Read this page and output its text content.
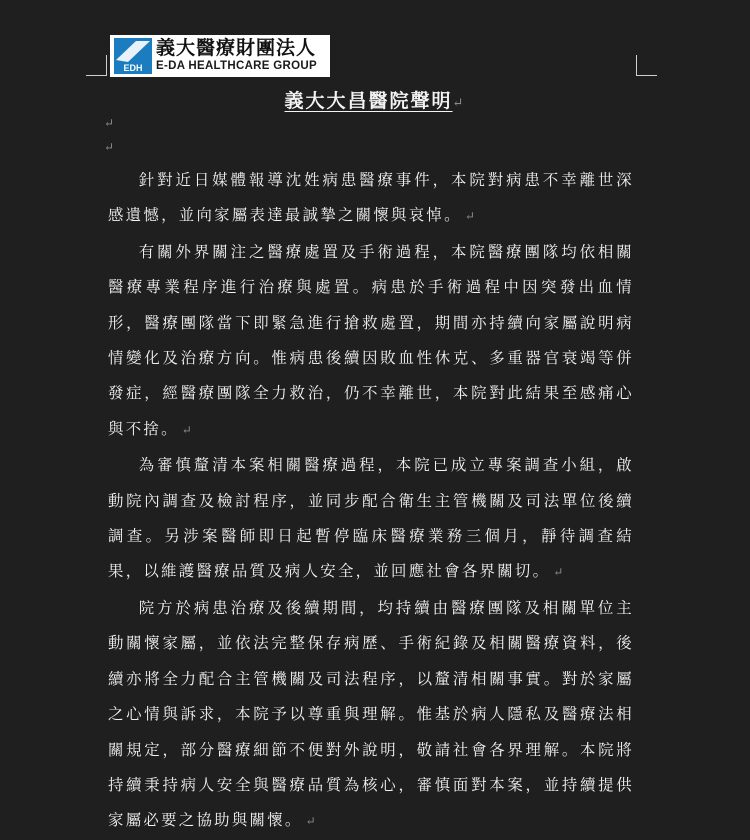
EDH
義大醫療財團法人
E-DA HEALTHCARE GROUP
義大大昌醫院聲明↵
↵
↵

針對近日媒體報導沈姓病患醫療事件，本院對病患不幸離世深感遺憾，並向家屬表達最誠摯之關懷與哀悼。 ↵

有關外界關注之醫療處置及手術過程，本院醫療團隊均依相關醫療專業程序進行治療與處置。病患於手術過程中因突發出血情形，醫療團隊當下即緊急進行搶救處置，期間亦持續向家屬說明病情變化及治療方向。惟病患後續因敗血性休克、多重器官衰竭等併發症，經醫療團隊全力救治，仍不幸離世，本院對此結果至感痛心與不捨。 ↵

為審慎釐清本案相關醫療過程，本院已成立專案調查小組，啟動院內調查及檢討程序，並同步配合衛生主管機關及司法單位後續調查。另涉案醫師即日起暫停臨床醫療業務三個月，靜待調查結果，以維護醫療品質及病人安全，並回應社會各界關切。 ↵

院方於病患治療及後續期間，均持續由醫療團隊及相關單位主動關懷家屬，並依法完整保存病歷、手術紀錄及相關醫療資料，後續亦將全力配合主管機關及司法程序，以釐清相關事實。對於家屬之心情與訴求，本院予以尊重與理解。惟基於病人隱私及醫療法相關規定，部分醫療細節不便對外說明，敬請社會各界理解。本院將持續秉持病人安全與醫療品質為核心，審慎面對本案，並持續提供家屬必要之協助與關懷。 ↵
